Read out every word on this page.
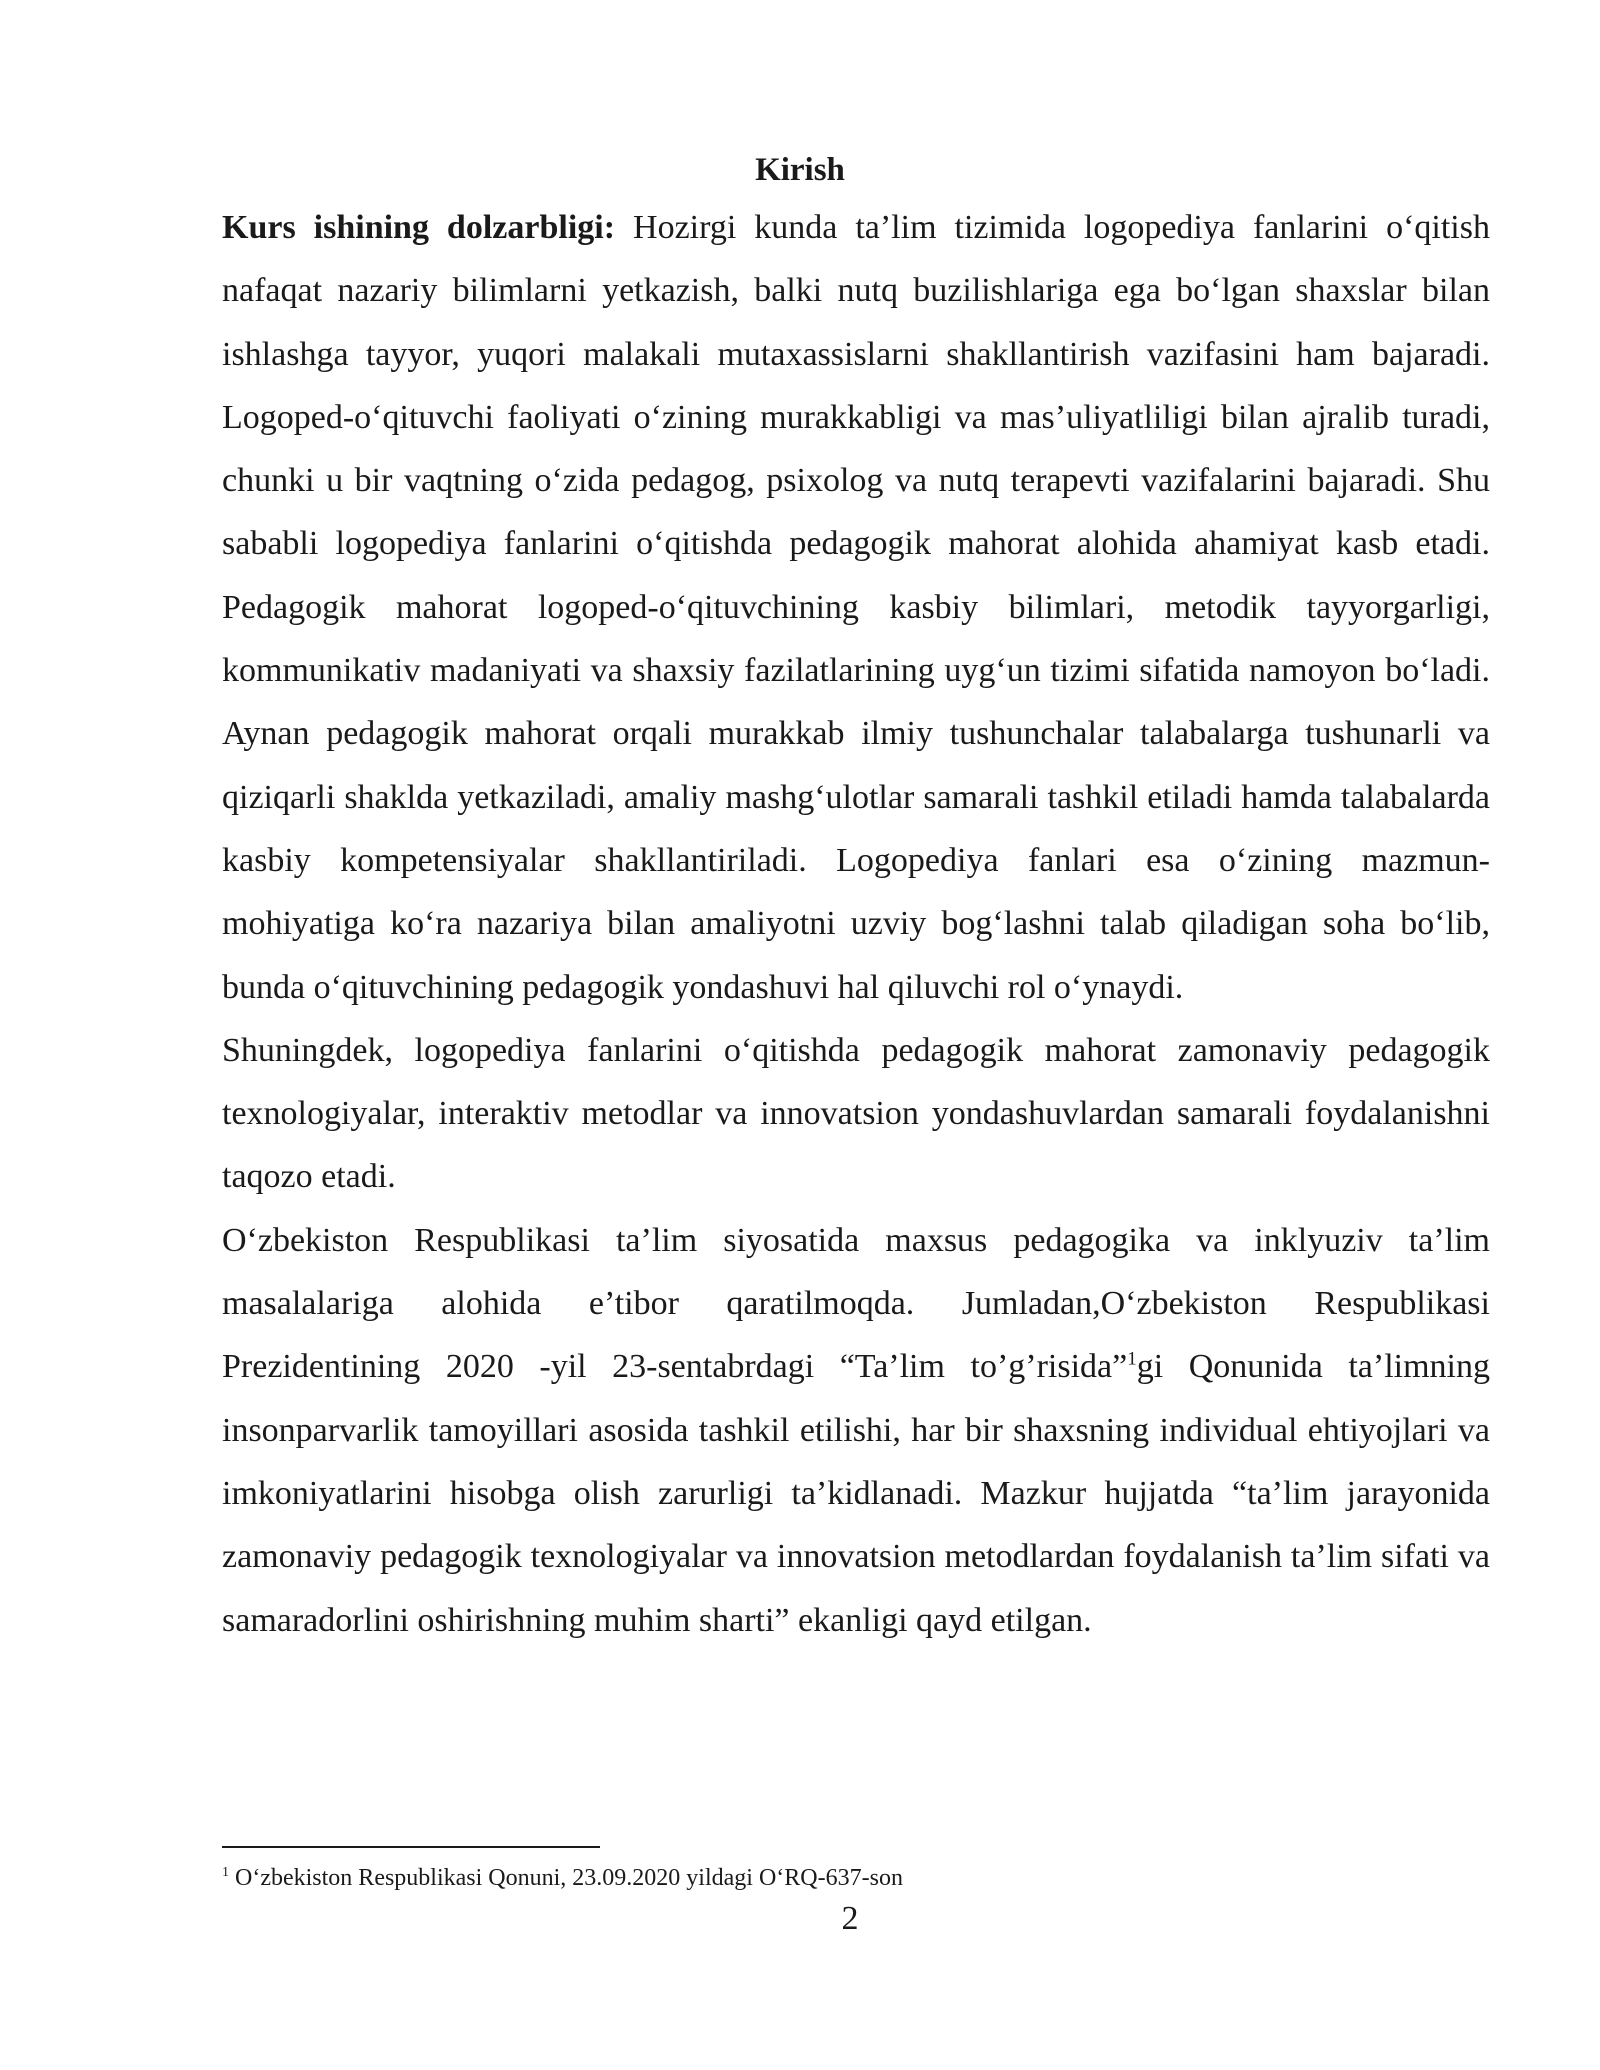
Kirish

Kurs ishining dolzarbligi: Hozirgi kunda ta’lim tizimida logopediya fanlarini o‘qitish nafaqat nazariy bilimlarni yetkazish, balki nutq buzilishlariga ega bo‘lgan shaxslar bilan ishlashga tayyor, yuqori malakali mutaxassislarni shakllantirish vazifasini ham bajaradi. Logoped-o‘qituvchi faoliyati o‘zining murakkabligi va mas’uliyatliligi bilan ajralib turadi, chunki u bir vaqtning o‘zida pedagog, psixolog va nutq terapevti vazifalarini bajaradi. Shu sababli logopediya fanlarini o‘qitishda pedagogik mahorat alohida ahamiyat kasb etadi. Pedagogik mahorat logoped-o‘qituvchining kasbiy bilimlari, metodik tayyorgarligi, kommunikativ madaniyati va shaxsiy fazilatlarining uyg‘un tizimi sifatida namoyon bo‘ladi. Aynan pedagogik mahorat orqali murakkab ilmiy tushunchalar talabalarga tushunarli va qiziqarli shaklda yetkaziladi, amaliy mashg‘ulotlar samarali tashkil etiladi hamda talabalarda kasbiy kompetensiyalar shakllantiriladi. Logopediya fanlari esa o‘zining mazmun-mohiyatiga ko‘ra nazariya bilan amaliyotni uzviy bog‘lashni talab qiladigan soha bo‘lib, bunda o‘qituvchining pedagogik yondashuvi hal qiluvchi rol o‘ynaydi.

Shuningdek, logopediya fanlarini o‘qitishda pedagogik mahorat zamonaviy pedagogik texnologiyalar, interaktiv metodlar va innovatsion yondashuvlardan samarali foydalanishni taqozo etadi.

O‘zbekiston Respublikasi ta’lim siyosatida maxsus pedagogika va inklyuziv ta’lim masalalariga alohida e’tibor qaratilmoqda. Jumladan,O‘zbekiston Respublikasi Prezidentining 2020 -yil 23-sentabrdagi “Ta’lim to’g’risida”$^1$gi Qonunida ta’limning insonparvarlik tamoyillari asosida tashkil etilishi, har bir shaxsning individual ehtiyojlari va imkoniyatlarini hisobga olish zarurligi ta’kidlanadi. Mazkur hujjatda “ta’lim jarayonida zamonaviy pedagogik texnologiyalar va innovatsion metodlardan foydalanish ta’lim sifati va samaradorlini oshirishning muhim sharti” ekanligi qayd etilgan.

$^1$ O‘zbekiston Respublikasi Qonuni, 23.09.2020 yildagi O‘RQ-637-son
2
